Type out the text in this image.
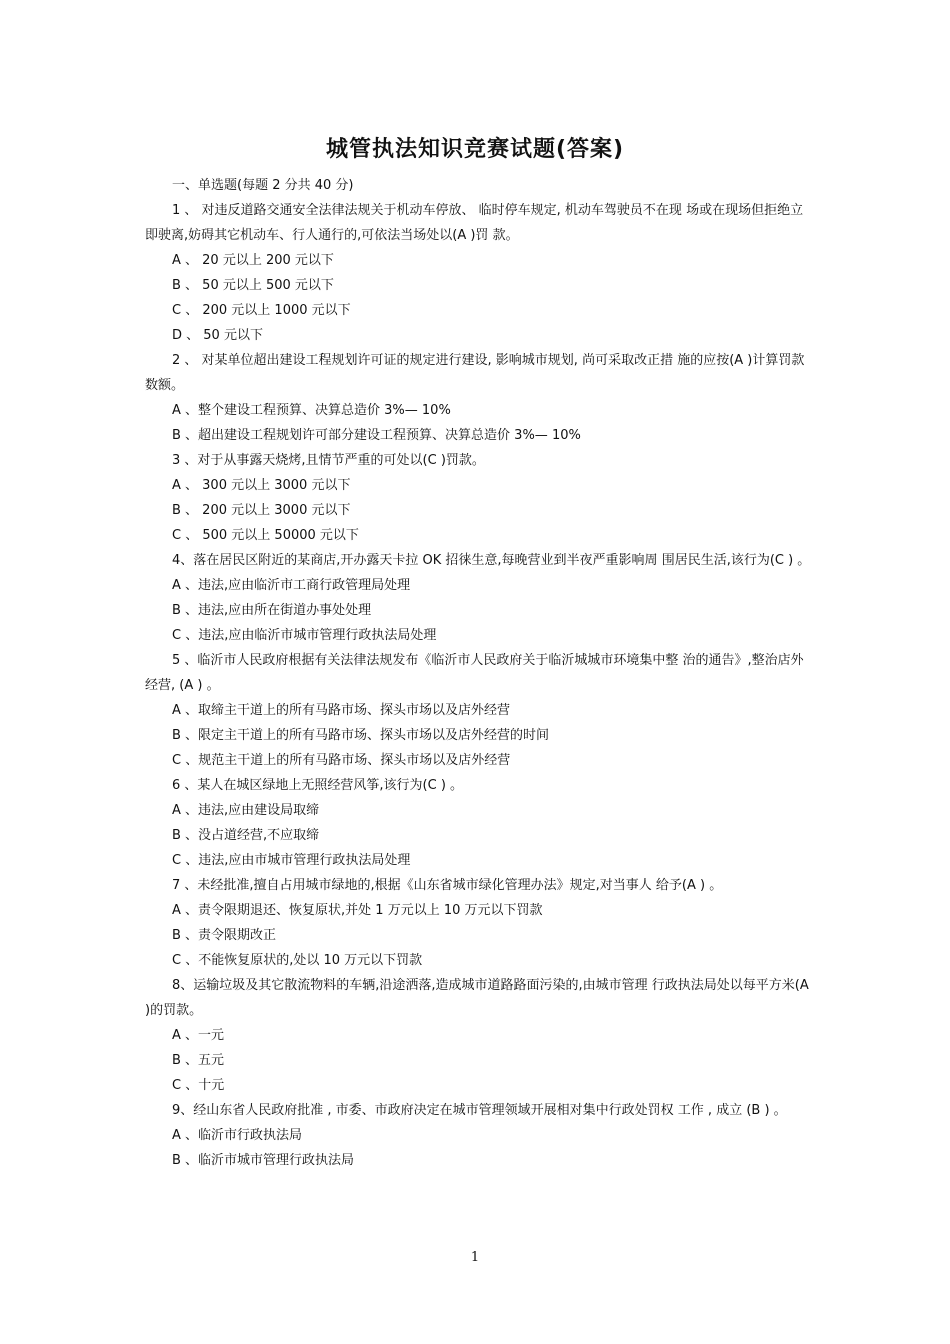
城管执法知识竞赛试题(答案)
一、单选题(每题 2 分共 40 分)
1 、 对违反道路交通安全法律法规关于机动车停放、 临时停车规定, 机动车驾驶员不在现 场或在现场但拒绝立即驶离,妨碍其它机动车、行人通行的,可依法当场处以(A )罚 款。
A 、 20 元以上 200 元以下
B 、 50 元以上 500 元以下
C 、 200 元以上 1000 元以下
D 、 50 元以下
2 、 对某单位超出建设工程规划许可证的规定进行建设, 影响城市规划, 尚可采取改正措 施的应按(A )计算罚款数额。
A 、整个建设工程预算、决算总造价 3%— 10%
B 、超出建设工程规划许可部分建设工程预算、决算总造价 3%— 10%
3 、对于从事露天烧烤,且情节严重的可处以(C )罚款。
A 、 300 元以上 3000 元以下
B 、 200 元以上 3000 元以下
C 、 500 元以上 50000 元以下
4、落在居民区附近的某商店,开办露天卡拉 OK 招徕生意,每晚营业到半夜严重影响周 围居民生活,该行为(C ) 。
A 、违法,应由临沂市工商行政管理局处理
B 、违法,应由所在街道办事处处理
C 、违法,应由临沂市城市管理行政执法局处理
5 、临沂市人民政府根据有关法律法规发布《临沂市人民政府关于临沂城城市环境集中整 治的通告》,整治店外经营, (A ) 。
A 、取缔主干道上的所有马路市场、探头市场以及店外经营
B 、限定主干道上的所有马路市场、探头市场以及店外经营的时间
C 、规范主干道上的所有马路市场、探头市场以及店外经营
6 、某人在城区绿地上无照经营风筝,该行为(C ) 。
A 、违法,应由建设局取缔
B 、没占道经营,不应取缔
C 、违法,应由市城市管理行政执法局处理
7 、未经批准,擅自占用城市绿地的,根据《山东省城市绿化管理办法》规定,对当事人 给予(A ) 。
A 、责令限期退还、恢复原状,并处 1 万元以上 10 万元以下罚款
B 、责令限期改正
C 、不能恢复原状的,处以 10 万元以下罚款
8、运输垃圾及其它散流物料的车辆,沿途洒落,造成城市道路路面污染的,由城市管理 行政执法局处以每平方米(A )的罚款。
A 、一元
B 、五元
C 、十元
9、经山东省人民政府批准 , 市委、市政府决定在城市管理领域开展相对集中行政处罚权 工作 , 成立 (B ) 。
A 、临沂市行政执法局
B 、临沂市城市管理行政执法局
1
